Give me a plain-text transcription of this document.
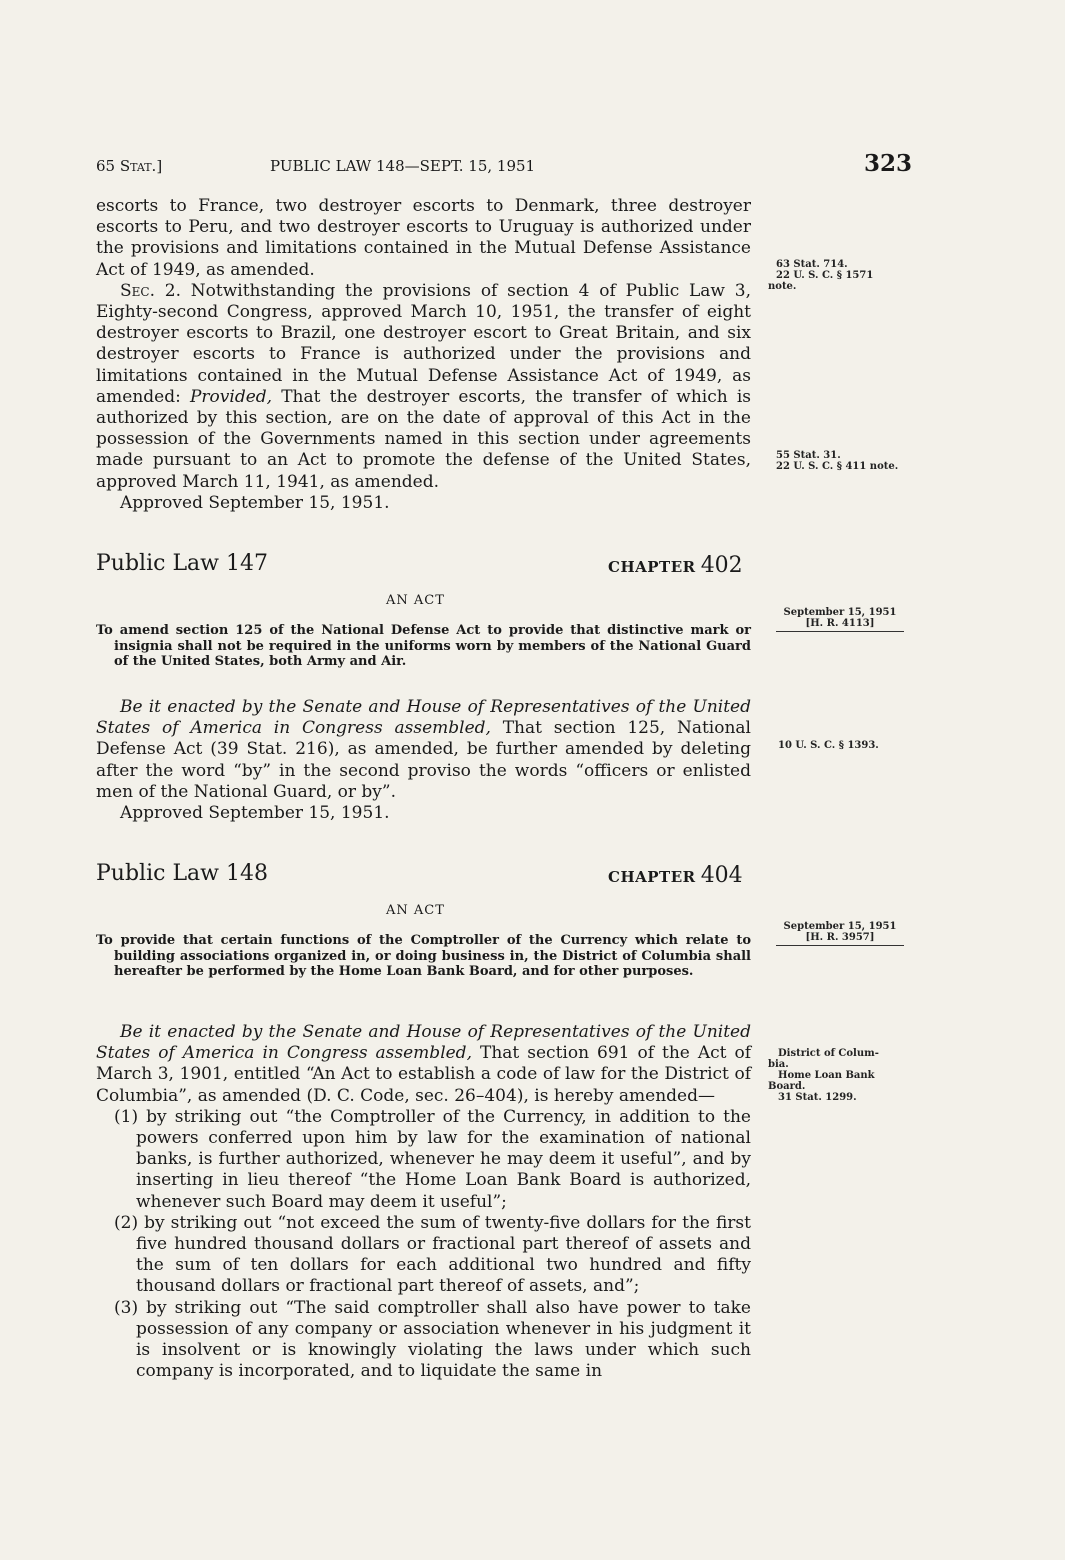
65 Stat.]	PUBLIC LAW 148—SEPT. 15, 1951	323

escorts to France, two destroyer escorts to Denmark, three destroyer escorts to Peru, and two destroyer escorts to Uruguay is authorized under the provisions and limitations contained in the Mutual Defense Assistance Act of 1949, as amended.

Sec. 2. Notwithstanding the provisions of section 4 of Public Law 3, Eighty-second Congress, approved March 10, 1951, the transfer of eight destroyer escorts to Brazil, one destroyer escort to Great Britain, and six destroyer escorts to France is authorized under the provisions and limitations contained in the Mutual Defense Assistance Act of 1949, as amended: Provided, That the destroyer escorts, the transfer of which is authorized by this section, are on the date of approval of this Act in the possession of the Governments named in this section under agreements made pursuant to an Act to promote the defense of the United States, approved March 11, 1941, as amended.

Approved September 15, 1951.

Public Law 147	CHAPTER 402
AN ACT
To amend section 125 of the National Defense Act to provide that distinctive mark or insignia shall not be required in the uniforms worn by members of the National Guard of the United States, both Army and Air.

Be it enacted by the Senate and House of Representatives of the United States of America in Congress assembled, That section 125, National Defense Act (39 Stat. 216), as amended, be further amended by deleting after the word “by” in the second proviso the words “officers or enlisted men of the National Guard, or by”.

Approved September 15, 1951.

Public Law 148	CHAPTER 404
AN ACT
To provide that certain functions of the Comptroller of the Currency which relate to building associations organized in, or doing business in, the District of Columbia shall hereafter be performed by the Home Loan Bank Board, and for other purposes.

Be it enacted by the Senate and House of Representatives of the United States of America in Congress assembled, That section 691 of the Act of March 3, 1901, entitled “An Act to establish a code of law for the District of Columbia”, as amended (D. C. Code, sec. 26–404), is hereby amended—

(1) by striking out “the Comptroller of the Currency, in addition to the powers conferred upon him by law for the examination of national banks, is further authorized, whenever he may deem it useful”, and by inserting in lieu thereof “the Home Loan Bank Board is authorized, whenever such Board may deem it useful”;

(2) by striking out “not exceed the sum of twenty-five dollars for the first five hundred thousand dollars or fractional part thereof of assets and the sum of ten dollars for each additional two hundred and fifty thousand dollars or fractional part thereof of assets, and”;

(3) by striking out “The said comptroller shall also have power to take possession of any company or association whenever in his judgment it is insolvent or is knowingly violating the laws under which such company is incorporated, and to liquidate the same in

63 Stat. 714.
22 U. S. C. § 1571
note.
55 Stat. 31.
22 U. S. C. § 411 note.
September 15, 1951
[H. R. 4113]
10 U. S. C. § 1393.
September 15, 1951
[H. R. 3957]
District of Colum-
bia.
Home Loan Bank
Board.
31 Stat. 1299.
